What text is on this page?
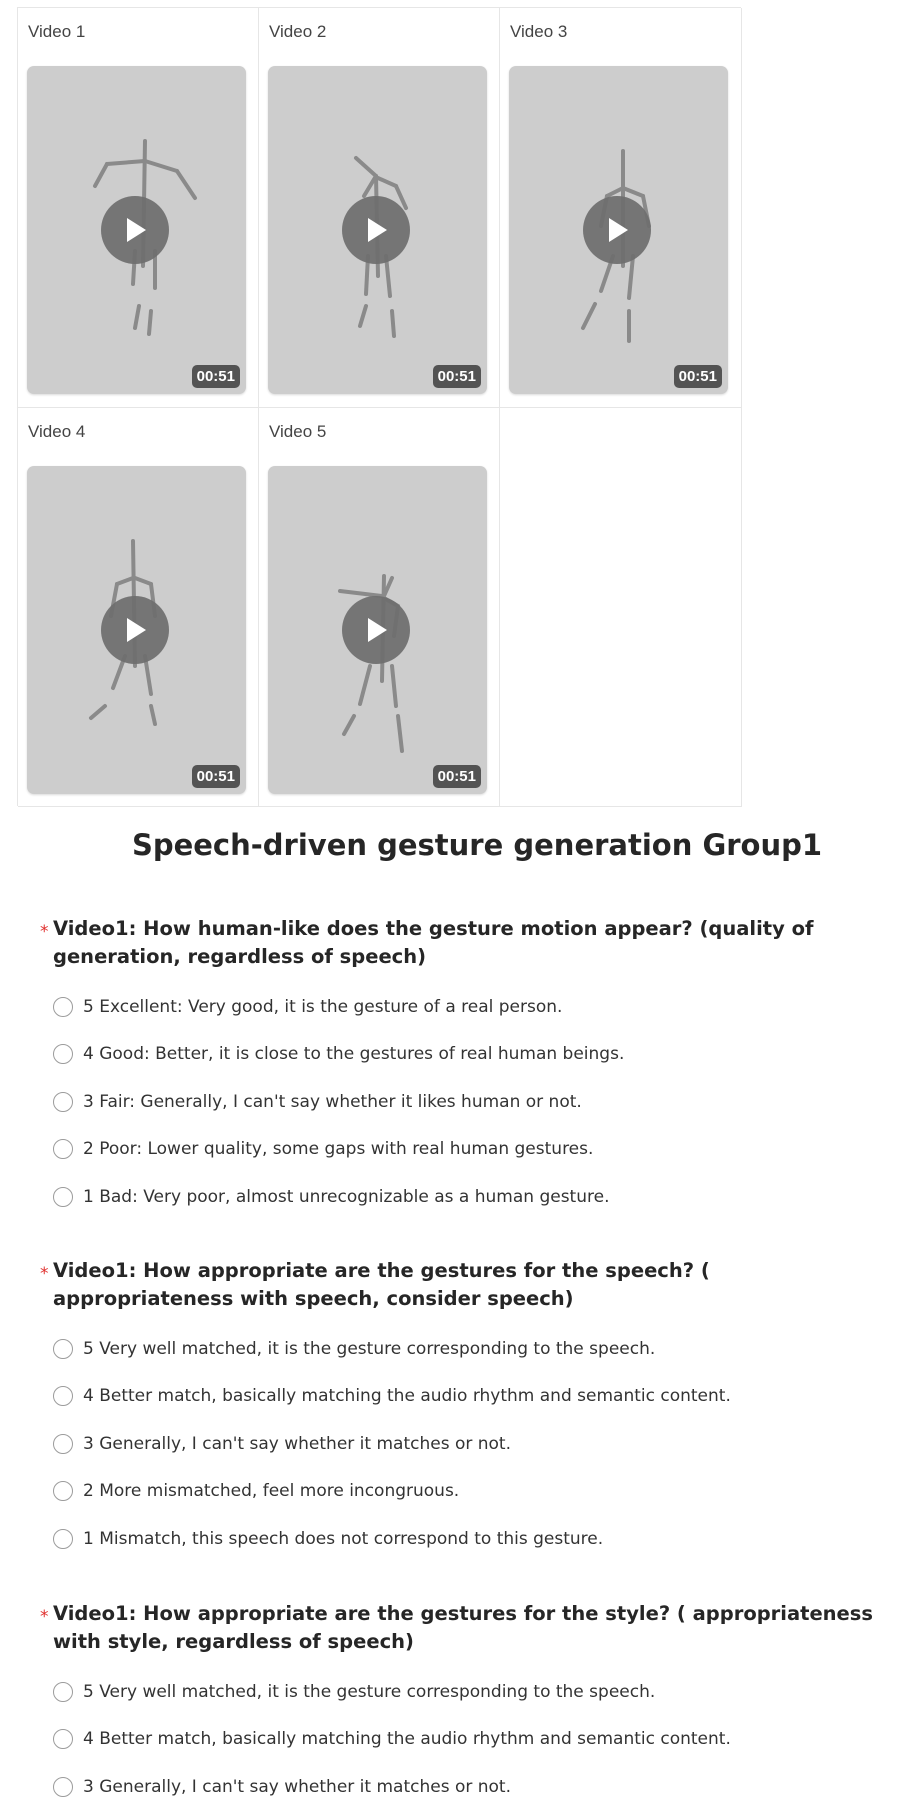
Video 1
00:51
Video 2
00:51
Video 3
00:51
Video 4
00:51
Video 5
00:51
Speech-driven gesture generation Group1
* Video1: How human-like does the gesture motion appear? (quality of generation, regardless of speech)
5 Excellent: Very good, it is the gesture of a real person.
4 Good: Better, it is close to the gestures of real human beings.
3 Fair: Generally, I can't say whether it likes human or not.
2 Poor: Lower quality, some gaps with real human gestures.
1 Bad: Very poor, almost unrecognizable as a human gesture.
* Video1: How appropriate are the gestures for the speech? ( appropriateness with speech, consider speech)
5 Very well matched, it is the gesture corresponding to the speech.
4 Better match, basically matching the audio rhythm and semantic content.
3 Generally, I can't say whether it matches or not.
2 More mismatched, feel more incongruous.
1 Mismatch, this speech does not correspond to this gesture.
* Video1: How appropriate are the gestures for the style? ( appropriateness with style, regardless of speech)
5 Very well matched, it is the gesture corresponding to the speech.
4 Better match, basically matching the audio rhythm and semantic content.
3 Generally, I can't say whether it matches or not.
